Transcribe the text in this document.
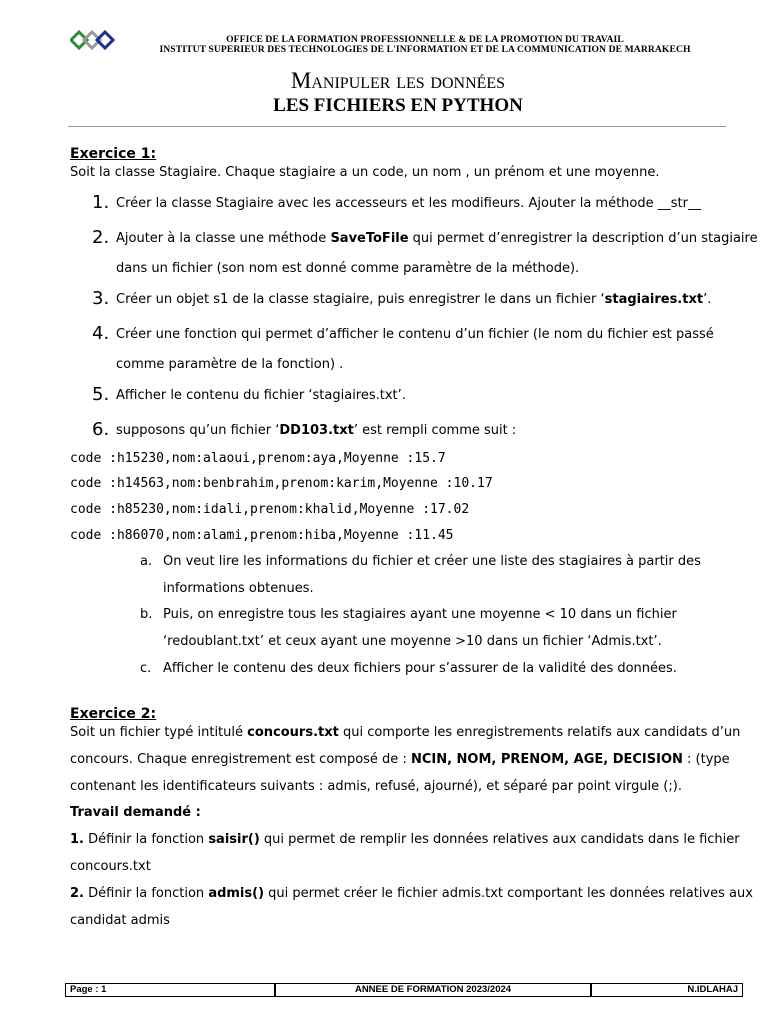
OFFICE DE LA FORMATION PROFESSIONNELLE & DE LA PROMOTION DU TRAVAIL
INSTITUT SUPERIEUR DES TECHNOLOGIES DE L'INFORMATION ET DE LA COMMUNICATION DE MARRAKECH
Manipuler les données
LES FICHIERS EN PYTHON
Exercice 1:
Soit la classe Stagiaire. Chaque stagiaire a un code, un nom , un prénom et une moyenne.
1. Créer la classe Stagiaire avec les accesseurs et les modifieurs. Ajouter la méthode __str__
2. Ajouter à la classe une méthode SaveToFile qui permet d’enregistrer la description d’un stagiaire
dans un fichier (son nom est donné comme paramètre de la méthode).
3. Créer un objet s1 de la classe stagiaire, puis enregistrer le dans un fichier ‘stagiaires.txt’.
4. Créer une fonction qui permet d’afficher le contenu d’un fichier (le nom du fichier est passé
comme paramètre de la fonction) .
5. Afficher le contenu du fichier ‘stagiaires.txt’.
6. supposons qu’un fichier ‘DD103.txt’ est rempli comme suit :
code :h15230,nom:alaoui,prenom:aya,Moyenne :15.7
code :h14563,nom:benbrahim,prenom:karim,Moyenne :10.17
code :h85230,nom:idali,prenom:khalid,Moyenne :17.02
code :h86070,nom:alami,prenom:hiba,Moyenne :11.45
a. On veut lire les informations du fichier et créer une liste des stagiaires à partir des
informations obtenues.
b. Puis, on enregistre tous les stagiaires ayant une moyenne < 10 dans un fichier
‘redoublant.txt’ et ceux ayant une moyenne >10 dans un fichier ‘Admis.txt’.
c. Afficher le contenu des deux fichiers pour s’assurer de la validité des données.
Exercice 2:
Soit un fichier typé intitulé concours.txt qui comporte les enregistrements relatifs aux candidats d’un
concours. Chaque enregistrement est composé de : NCIN, NOM, PRENOM, AGE, DECISION : (type
contenant les identificateurs suivants : admis, refusé, ajourné), et séparé par point virgule (;).
Travail demandé :
1. Définir la fonction saisir() qui permet de remplir les données relatives aux candidats dans le fichier
concours.txt
2. Définir la fonction admis() qui permet créer le fichier admis.txt comportant les données relatives aux
candidat admis
Page : 1	ANNEE DE FORMATION 2023/2024	N.IDLAHAJ
